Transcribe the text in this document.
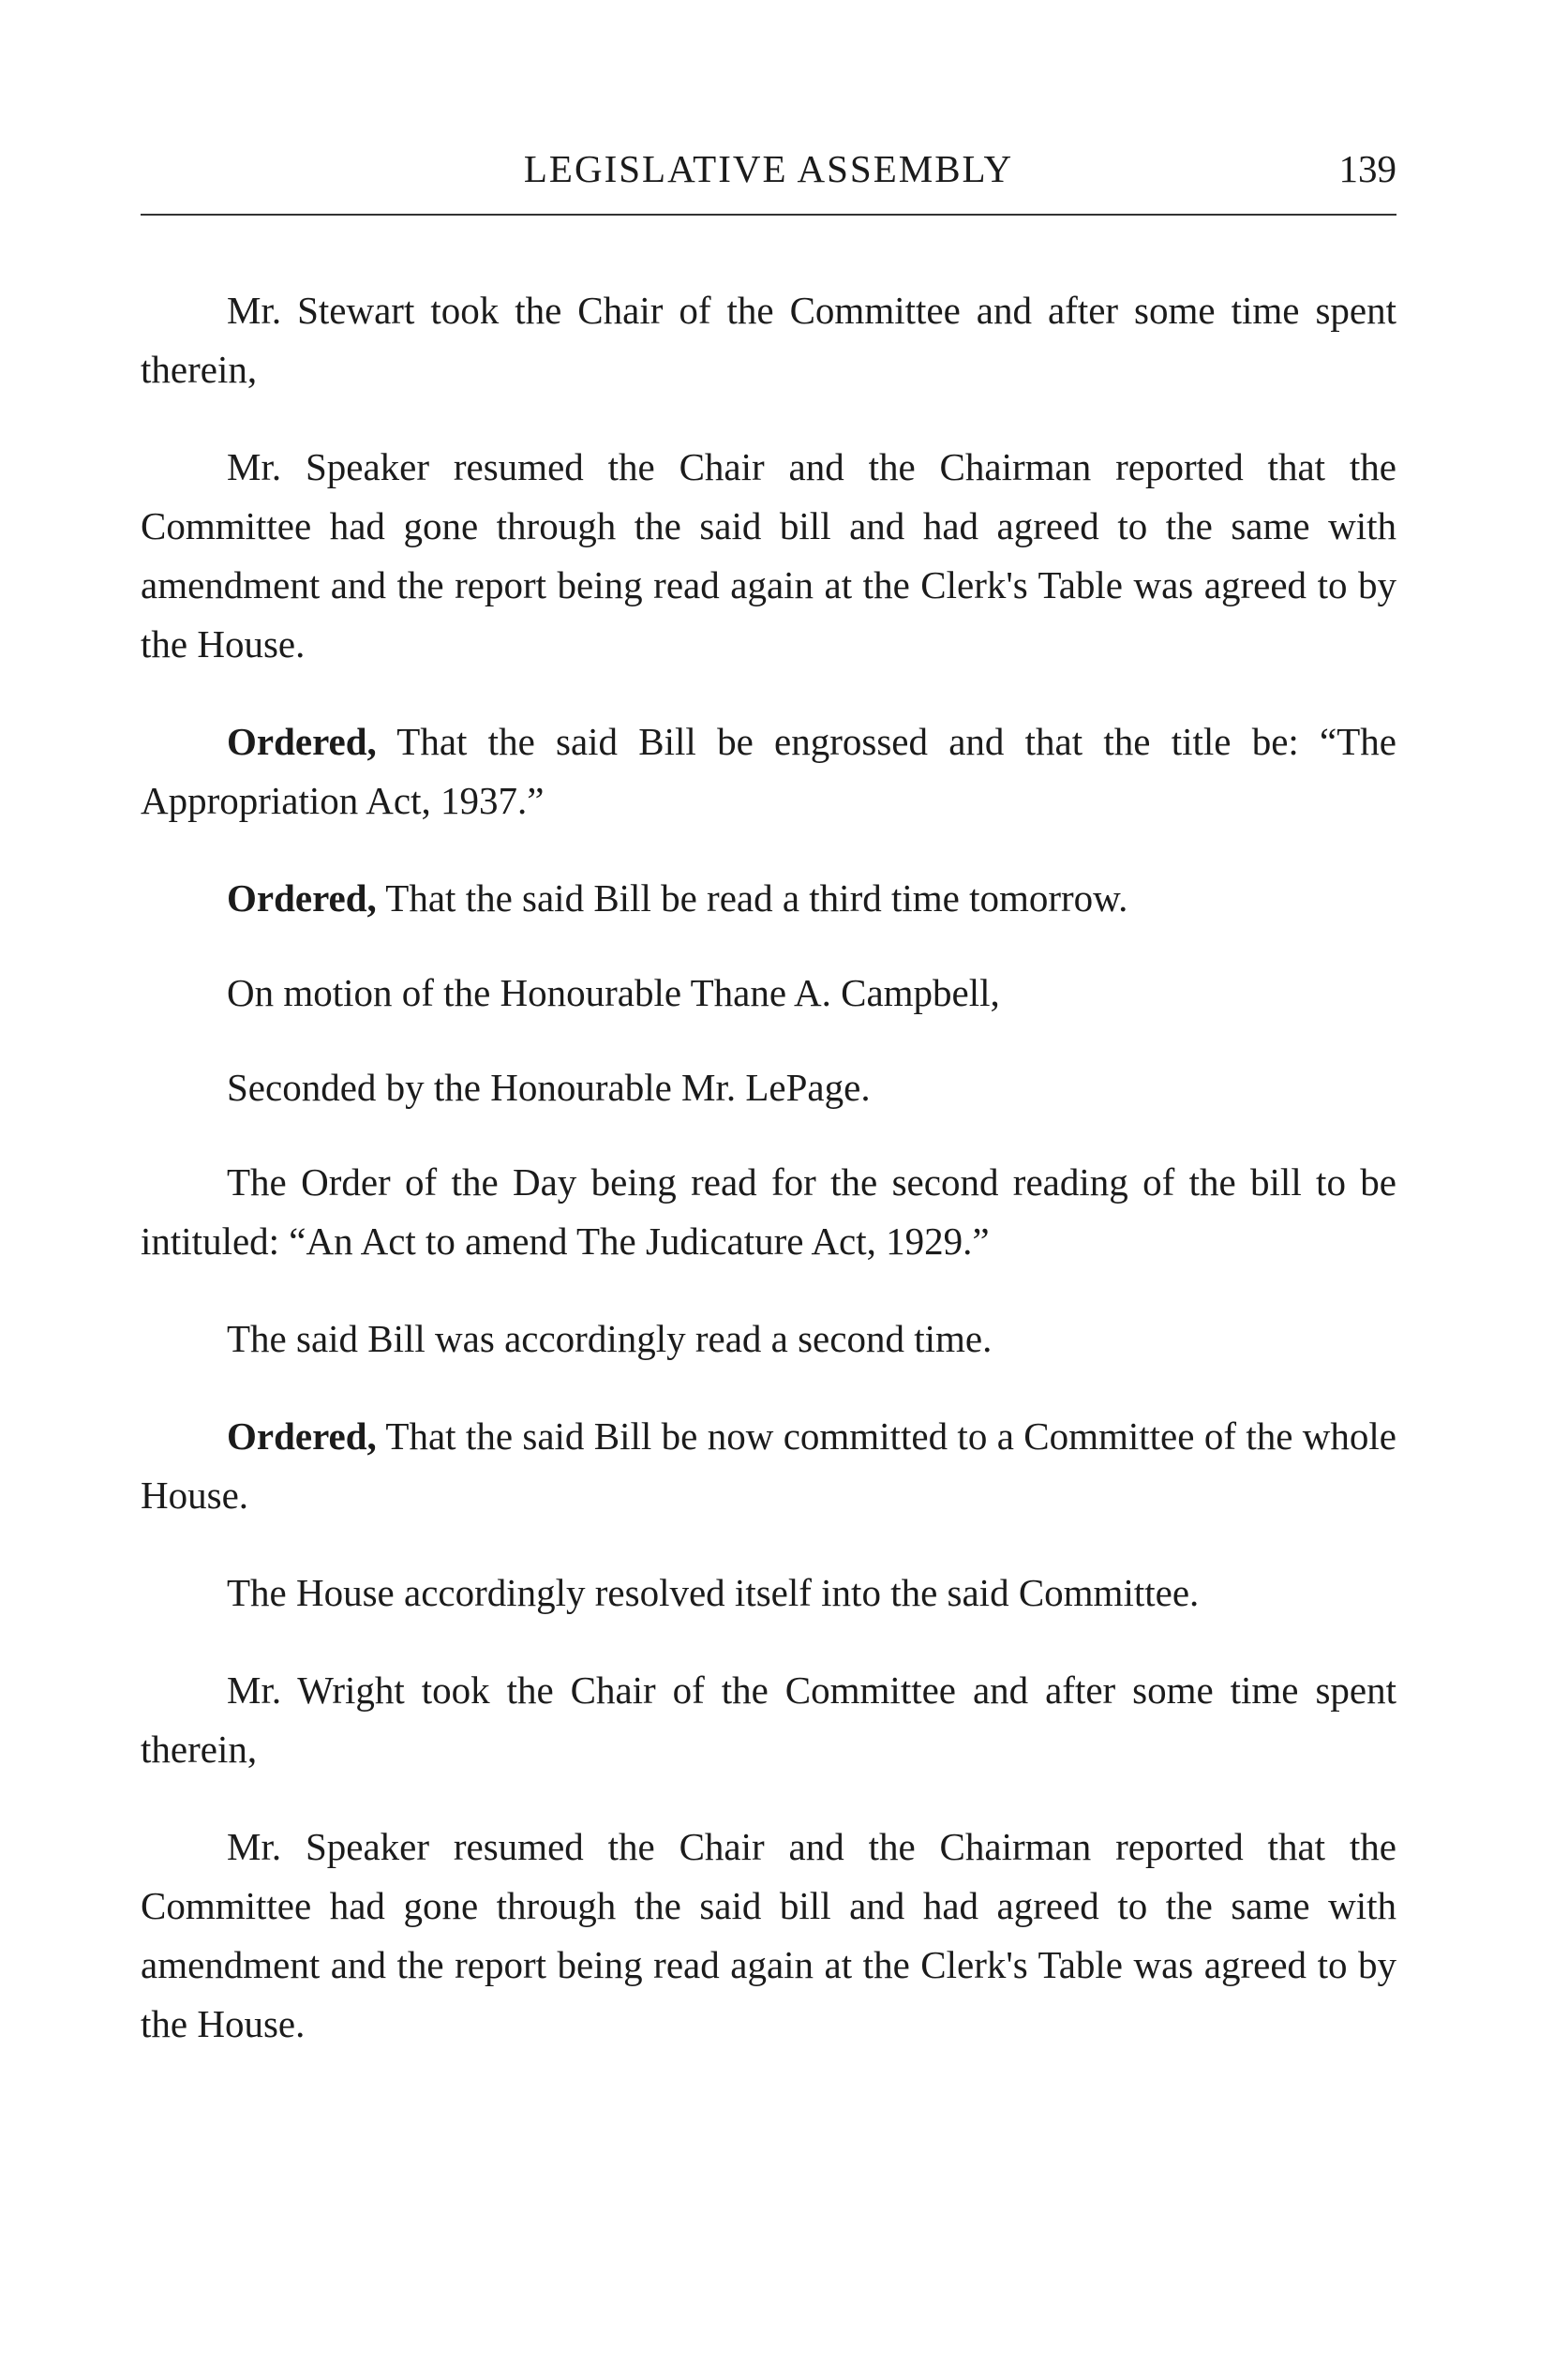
LEGISLATIVE ASSEMBLY	139

Mr. Stewart took the Chair of the Committee and after some time spent therein,

Mr. Speaker resumed the Chair and the Chairman reported that the Committee had gone through the said bill and had agreed to the same with amendment and the report being read again at the Clerk's Table was agreed to by the House.

Ordered, That the said Bill be engrossed and that the title be: “The Appropriation Act, 1937.”

Ordered, That the said Bill be read a third time tomorrow.

On motion of the Honourable Thane A. Campbell,

Seconded by the Honourable Mr. LePage.

The Order of the Day being read for the second reading of the bill to be intituled: “An Act to amend The Judicature Act, 1929.”

The said Bill was accordingly read a second time.

Ordered, That the said Bill be now committed to a Committee of the whole House.

The House accordingly resolved itself into the said Committee.

Mr. Wright took the Chair of the Committee and after some time spent therein,

Mr. Speaker resumed the Chair and the Chairman reported that the Committee had gone through the said bill and had agreed to the same with amendment and the report being read again at the Clerk's Table was agreed to by the House.
